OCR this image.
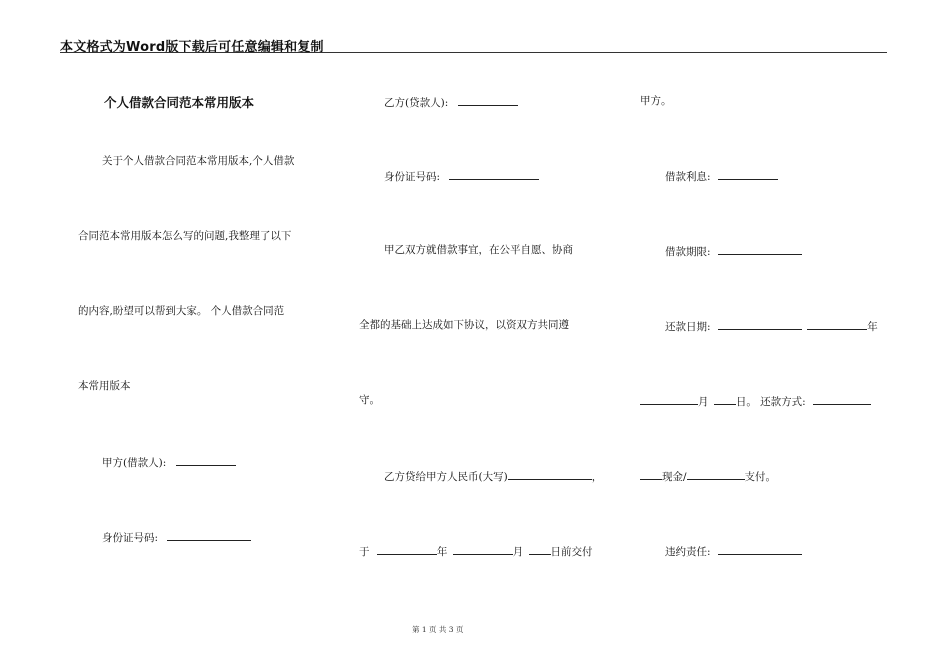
本文格式为Word版下载后可任意编辑和复制
个人借款合同范本常用版本
关于个人借款合同范本常用版本,个人借款
合同范本常用版本怎么写的问题,我整理了以下
的内容,盼望可以帮到大家。 个人借款合同范
本常用版本
甲方(借款人):
身份证号码:
乙方(贷款人):
身份证号码:
甲乙双方就借款事宜，在公平自愿、协商
全都的基础上达成如下协议，以资双方共同遵
守。
乙方贷给甲方人民币(大写)	，
于	年	月	日前交付
甲方。
借款利息:
借款期限:
还款日期:	年
月	日。 还款方式:
现金/	支付。
违约责任:
第 1 页 共 3 页
